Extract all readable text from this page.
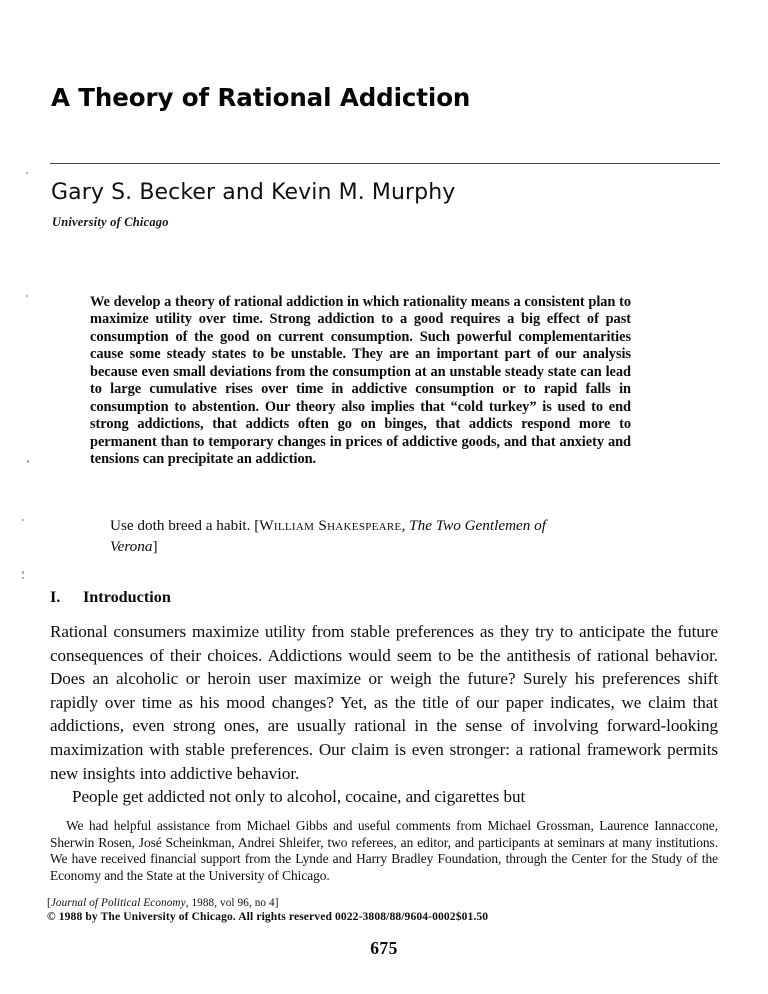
A Theory of Rational Addiction
Gary S. Becker and Kevin M. Murphy
University of Chicago
We develop a theory of rational addiction in which rationality means a consistent plan to maximize utility over time. Strong addiction to a good requires a big effect of past consumption of the good on current consumption. Such powerful complementarities cause some steady states to be unstable. They are an important part of our analysis because even small deviations from the consumption at an unstable steady state can lead to large cumulative rises over time in addictive consumption or to rapid falls in consumption to abstention. Our theory also implies that “cold turkey” is used to end strong addictions, that addicts often go on binges, that addicts respond more to permanent than to temporary changes in prices of addictive goods, and that anxiety and tensions can precipitate an addiction.
Use doth breed a habit. [William Shakespeare, The Two Gentlemen of Verona]
I. Introduction

Rational consumers maximize utility from stable preferences as they try to anticipate the future consequences of their choices. Addictions would seem to be the antithesis of rational behavior. Does an alcoholic or heroin user maximize or weigh the future? Surely his preferences shift rapidly over time as his mood changes? Yet, as the title of our paper indicates, we claim that addictions, even strong ones, are usually rational in the sense of involving forward-looking maximization with stable preferences. Our claim is even stronger: a rational framework permits new insights into addictive behavior.

People get addicted not only to alcohol, cocaine, and cigarettes but

We had helpful assistance from Michael Gibbs and useful comments from Michael Grossman, Laurence Iannaccone, Sherwin Rosen, José Scheinkman, Andrei Shleifer, two referees, an editor, and participants at seminars at many institutions. We have received financial support from the Lynde and Harry Bradley Foundation, through the Center for the Study of the Economy and the State at the University of Chicago.
[Journal of Political Economy, 1988, vol 96, no 4]
© 1988 by The University of Chicago. All rights reserved 0022-3808/88/9604-0002$01.50
675
